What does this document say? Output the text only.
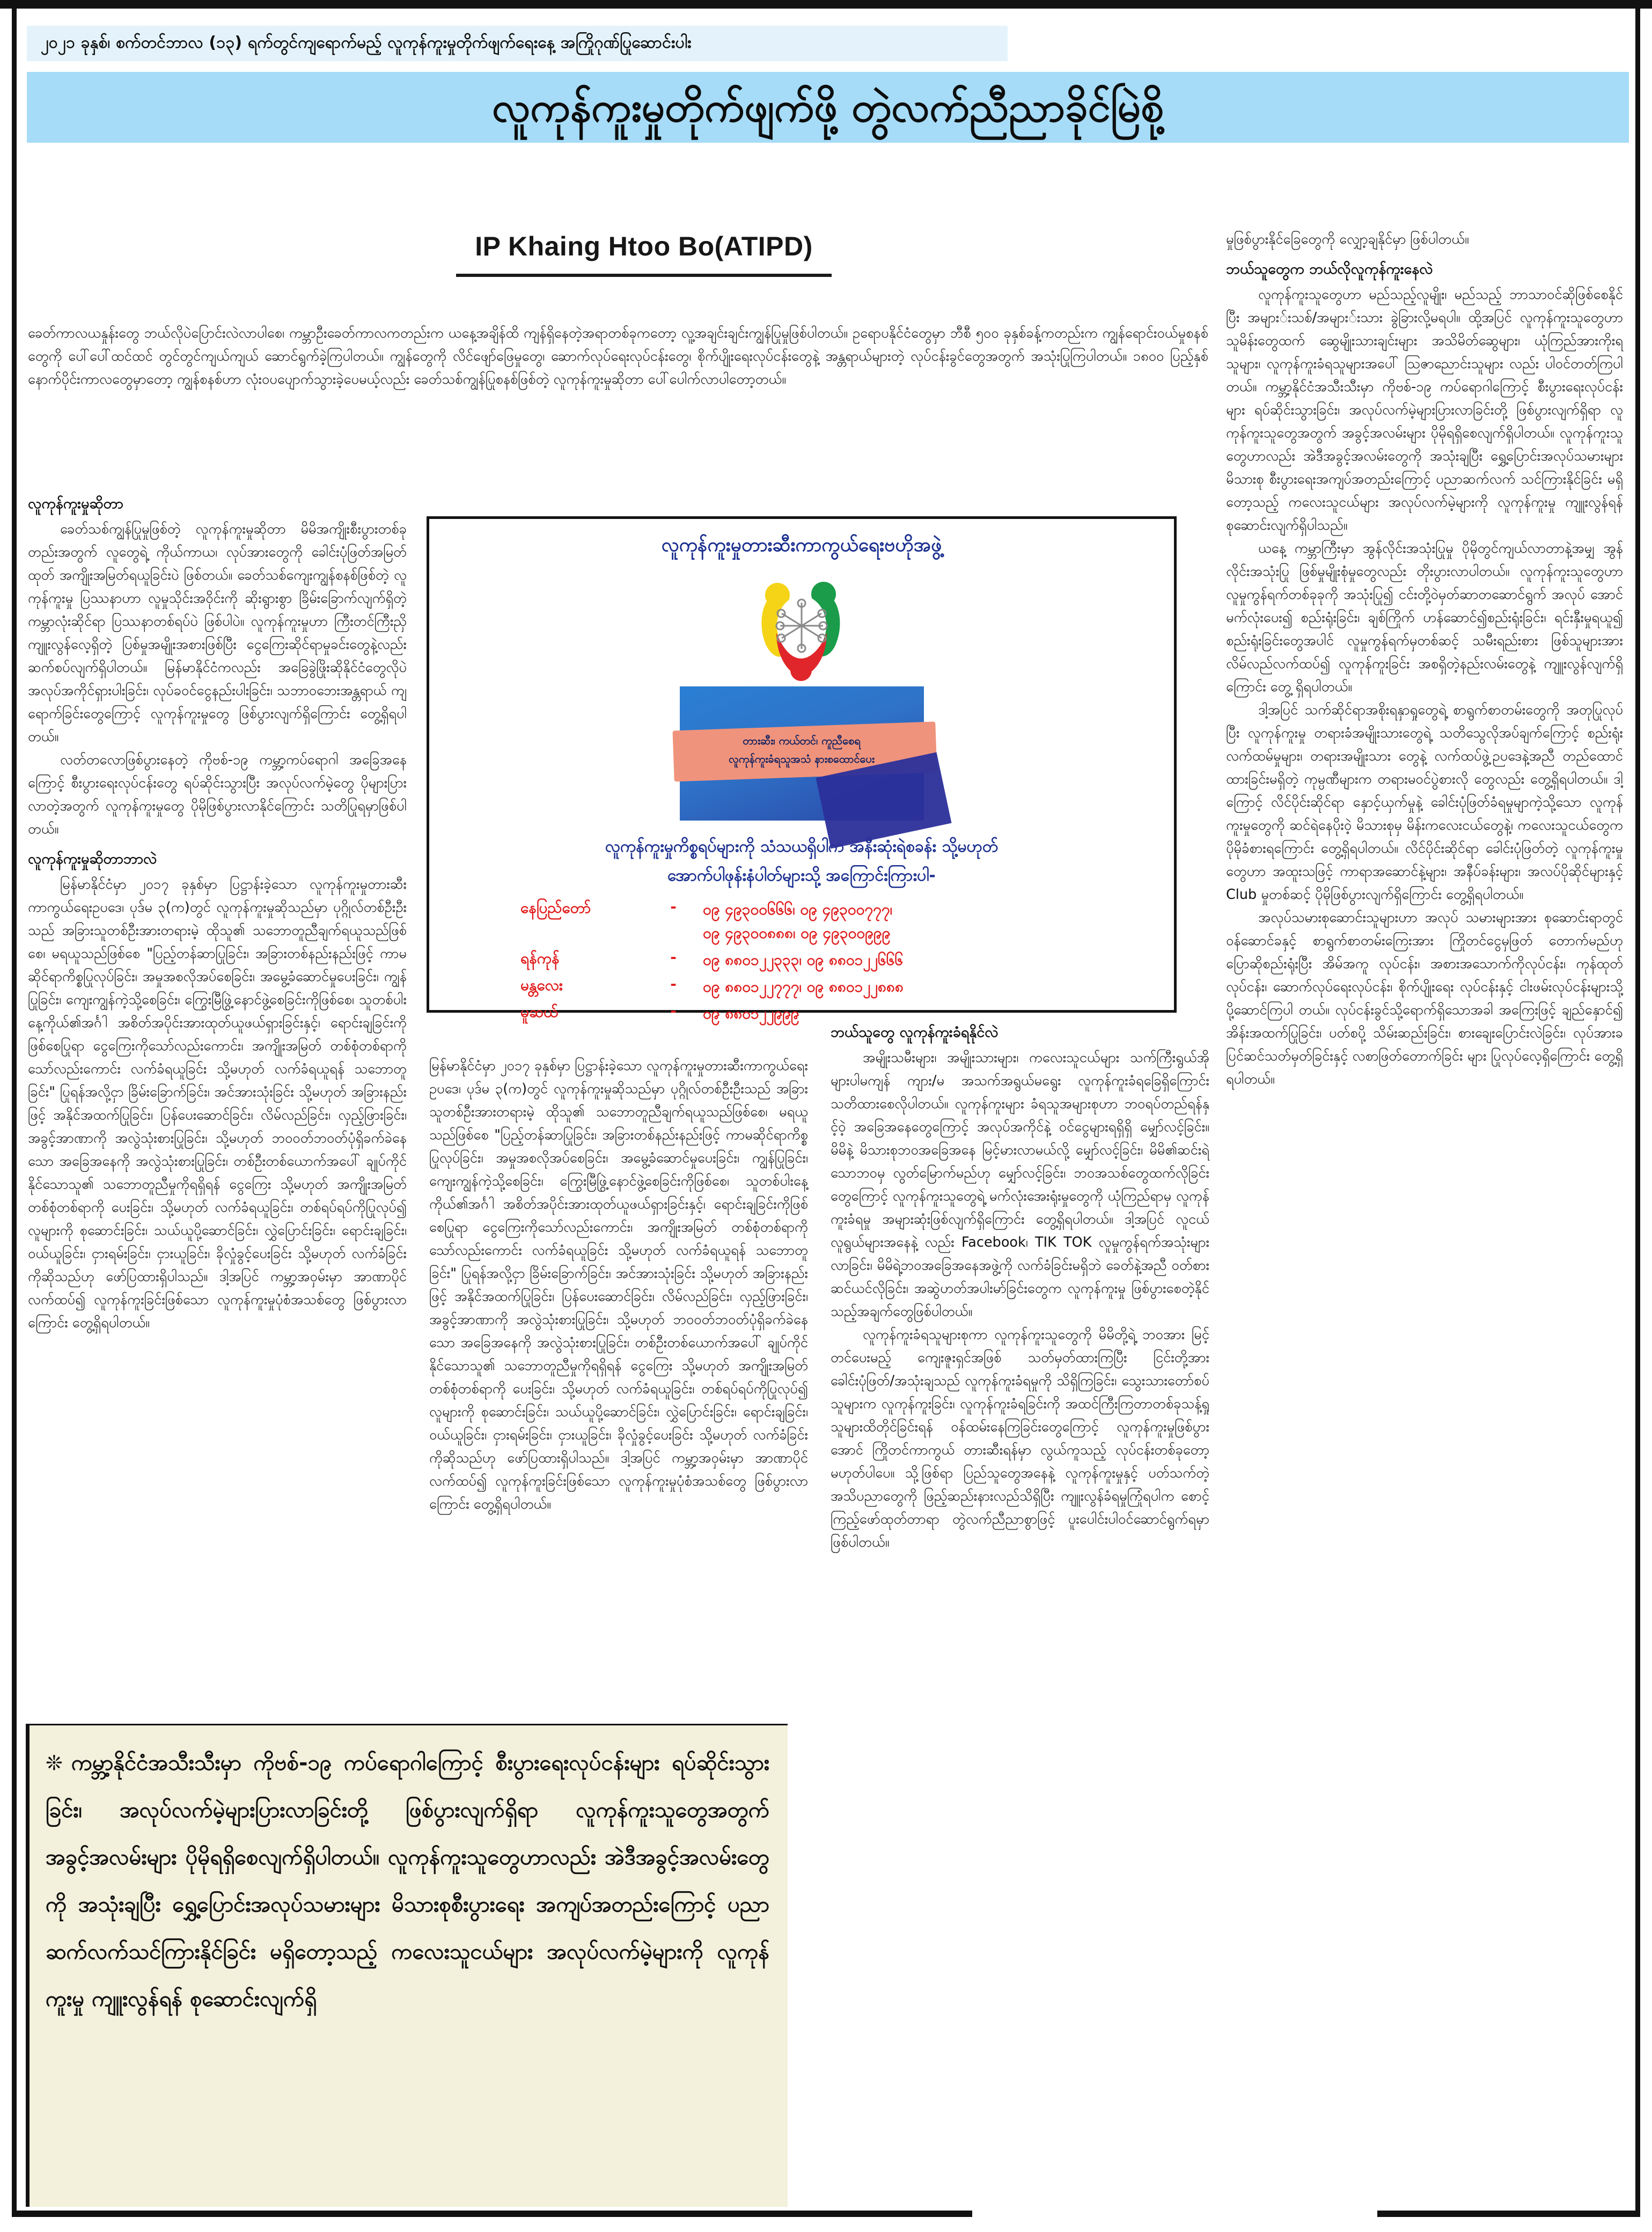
၂၀၂၁ ခုနှစ်၊ စက်တင်ဘာလ (၁၃) ရက်တွင်ကျရောက်မည့် လူကုန်ကူးမှုတိုက်ဖျက်ရေးနေ့ အကြိုဂုဏ်ပြုဆောင်းပါး
လူကုန်ကူးမှုတိုက်ဖျက်ဖို့ တွဲလက်ညီညာခိုင်မြဲစို့
IP Khaing Htoo Bo(ATIPD)

ခေတ်ကာလယနှုန်းတွေ ဘယ်လိုပဲပြောင်းလဲလာပါစေ၊ ကမ္ဘာဦးခေတ်ကာလကတည်းက ယနေ့အချိန်ထိ ကျန်ရှိနေတဲ့အရာတစ်ခုကတော့ လူ့အချင်းချင်းကျွန်ပြုမှုဖြစ်ပါတယ်။ ဥရောပနိုင်ငံတွေမှာ ဘီစီ ၅၀၀ ခုနှစ်ခန့်ကတည်းက ကျွန်ရောင်းဝယ်မှုစနစ်တွေကို ပေါ်ပေါ်ထင်ထင် တွင်တွင်ကျယ်ကျယ် ဆောင်ရွက်ခဲ့ကြပါတယ်။ ကျွန်တွေကို လိင်ဖျော်ဖြေမှုတွေ၊ ဆောက်လုပ်ရေးလုပ်ငန်းတွေ၊ စိုက်ပျိုးရေးလုပ်ငန်းတွေနဲ့ အန္တရာယ်များတဲ့ လုပ်ငန်းခွင်တွေအတွက် အသုံးပြုကြပါတယ်။ ၁၈၀၀ ပြည့်နှစ် နောက်ပိုင်းကာလတွေမှာတော့ ကျွန်စနစ်ဟာ လုံးဝပပျောက်သွားခဲ့ပေမယ့်လည်း ခေတ်သစ်ကျွန်ပြုစနစ်ဖြစ်တဲ့ လူကုန်ကူးမှုဆိုတာ ပေါ်ပေါက်လာပါတော့တယ်။

လူကုန်ကူးမှုဆိုတာ

ခေတ်သစ်ကျွန်ပြုမှုဖြစ်တဲ့ လူကုန်ကူးမှုဆိုတာ မိမိအကျိုးစီးပွားတစ်ခုတည်းအတွက် လူတွေရဲ့ ကိုယ်ကာယ၊ လုပ်အားတွေကို ခေါင်းပုံဖြတ်အမြတ်ထုတ် အကျိုးအမြတ်ရယူခြင်းပဲ ဖြစ်တယ်။ ခေတ်သစ်ကျေးကျွန်စနစ်ဖြစ်တဲ့ လူကုန်ကူးမှု ပြဿနာဟာ လူမှုသိုင်းအဝိုင်းကို ဆိုးရွားစွာ ခြိမ်းခြောက်လျက်ရှိတဲ့ ကမ္ဘာလုံးဆိုင်ရာ ပြဿနာတစ်ရပ်ပဲ ဖြစ်ပါပဲ။ လူကုန်ကူးမှုဟာ ကြီးတင်ကြီးညှိ ကျူးလွန်လေ့ရှိတဲ့ ပြစ်မှုအမျိုးအစားဖြစ်ပြီး ငွေကြေးဆိုင်ရာမှုခင်းတွေနဲ့လည်း ဆက်စပ်လျက်ရှိပါတယ်။ မြန်မာနိုင်ငံကလည်း အခြေခွဲဖြိုးဆိုနိုင်ငံတွေလိုပဲ အလုပ်အကိုင်ရှားပါးခြင်း၊ လုပ်ခဝင်ငွေနည်းပါးခြင်း၊ သဘာဝဘေးအန္တရာယ် ကျရောက်ခြင်းတွေကြောင့် လူကုန်ကူးမှုတွေ ဖြစ်ပွားလျက်ရှိကြောင်း တွေ့ရှိရပါတယ်။

လတ်တလောဖြစ်ပွားနေတဲ့ ကိုဗစ်-၁၉ ကမ္ဘာ့ကပ်ရောဂါ အခြေအနေကြောင့် စီးပွားရေးလုပ်ငန်းတွေ ရပ်ဆိုင်းသွားပြီး အလုပ်လက်မဲ့တွေ ပိုများပြားလာတဲ့အတွက် လူကုန်ကူးမှုတွေ ပိုမိုဖြစ်ပွားလာနိုင်ကြောင်း သတိပြုရမှာဖြစ်ပါတယ်။

လူကုန်ကူးမှုဆိုတာဘာလဲ

မြန်မာနိုင်ငံမှာ ၂၀၁၇ ခုနှစ်မှာ ပြဋ္ဌာန်းခဲ့သော လူကုန်ကူးမှုတားဆီးကာကွယ်ရေးဥပဒေ၊ ပုဒ်မ ၃(က)တွင် လူကုန်ကူးမှုဆိုသည်မှာ ပုဂ္ဂိုလ်တစ်ဦးဦးသည် အခြားသူတစ်ဦးအားတရားမဲ့ ထိုသူ၏ သဘောတူညီချက်ရယူသည်ဖြစ်စေ၊ မရယူသည်ဖြစ်စေ "ပြည့်တန်ဆာပြုခြင်း၊ အခြားတစ်နည်းနည်းဖြင့် ကာမဆိုင်ရာကိစ္စပြုလုပ်ခြင်း၊ အမှုအစလိုအပ်စေခြင်း၊ အမွေ့ခံဆောင်မှုပေးခြင်း၊ ကျွန်ပြုခြင်း၊ ကျေးကျွန်ကဲ့သို့စေခြင်း၊ ကြွေးမြီဖြွဲ့နောင်ဖွဲ့စေခြင်းကိုဖြစ်စေ၊ သူတစ်ပါးနေ့ကိုယ်၏အင်္ဂါ အစိတ်အပိုင်းအားထုတ်ယူဖယ်ရှားခြင်းနှင့်၊ ရောင်းချခြင်းကိုဖြစ်စေပြုရာ ငွေကြေးကိုသော်လည်းကောင်း၊ အကျိုးအမြတ် တစ်စုံတစ်ရာကို သော်လည်းကောင်း လက်ခံရယူခြင်း သို့မဟုတ် လက်ခံရယူရန် သဘောတူခြင်း" ပြုရန်အလို့ငှာ ခြိမ်းခြောက်ခြင်း၊ အင်အားသုံးခြင်း သို့မဟုတ် အခြားနည်းဖြင့် အနိုင်အထက်ပြုခြင်း၊ ပြန်ပေးဆောင်ခြင်း၊ လိမ်လည်ခြင်း၊ လှည့်ဖြားခြင်း၊ အခွင့်အာဏာကို အလွဲသုံးစားပြုခြင်း၊ သို့မဟုတ် ဘဝဝတ်ဘဝတ်ပုံရှိခက်ခဲနေသော အခြေအနေကို အလွဲသုံးစားပြုခြင်း၊ တစ်ဦးတစ်ယောက်အပေါ် ချုပ်ကိုင်နိုင်သောသူ၏ သဘောတူညီမှုကိုရရှိရန် ငွေကြေး သို့မဟုတ် အကျိုးအမြတ်တစ်စုံတစ်ရာကို ပေးခြင်း၊ သို့မဟုတ် လက်ခံရယူခြင်း၊ တစ်ရပ်ရပ်ကိုပြုလုပ်၍ လူများကို စုဆောင်းခြင်း၊ သယ်ယူပို့ဆောင်ခြင်း၊ လွှဲပြောင်းခြင်း၊ ရောင်းချခြင်း၊ ဝယ်ယူခြင်း၊ ငှားရမ်းခြင်း၊ ငှားယူခြင်း၊ ခိုလှုံခွင့်ပေးခြင်း သို့မဟုတ် လက်ခံခြင်းကိုဆိုသည်ဟု ဖော်ပြထားရှိပါသည်။ ဒါ့အပြင် ကမ္ဘာ့အဝှမ်းမှာ အာဏာပိုင်လက်ထပ်၍ လူကုန်ကူးခြင်းဖြစ်သော လူကုန်ကူးမှုပုံစံအသစ်တွေ ဖြစ်ပွားလာကြောင်း တွေ့ရှိရပါတယ်။

မြန်မာနိုင်ငံမှာ ၂၀၁၇ ခုနှစ်မှာ ပြဋ္ဌာန်းခဲ့သော လူကုန်ကူးမှုတားဆီးကာကွယ်ရေးဥပဒေ၊ ပုဒ်မ ၃(က)တွင် လူကုန်ကူးမှုဆိုသည်မှာ ပုဂ္ဂိုလ်တစ်ဦးဦးသည် အခြားသူတစ်ဦးအားတရားမဲ့ ထိုသူ၏ သဘောတူညီချက်ရယူသည်ဖြစ်စေ၊ မရယူသည်ဖြစ်စေ "ပြည့်တန်ဆာပြုခြင်း၊ အခြားတစ်နည်းနည်းဖြင့် ကာမဆိုင်ရာကိစ္စပြုလုပ်ခြင်း၊ အမှုအစလိုအပ်စေခြင်း၊ အမွေ့ခံဆောင်မှုပေးခြင်း၊ ကျွန်ပြုခြင်း၊ ကျေးကျွန်ကဲ့သို့စေခြင်း၊ ကြွေးမြီဖြွဲ့နောင်ဖွဲ့စေခြင်းကိုဖြစ်စေ၊ သူတစ်ပါးနေ့ကိုယ်၏အင်္ဂါ အစိတ်အပိုင်းအားထုတ်ယူဖယ်ရှားခြင်းနှင့်၊ ရောင်းချခြင်းကိုဖြစ်စေပြုရာ ငွေကြေးကိုသော်လည်းကောင်း၊ အကျိုးအမြတ် တစ်စုံတစ်ရာကို သော်လည်းကောင်း လက်ခံရယူခြင်း သို့မဟုတ် လက်ခံရယူရန် သဘောတူခြင်း" ပြုရန်အလို့ငှာ ခြိမ်းခြောက်ခြင်း၊ အင်အားသုံးခြင်း သို့မဟုတ် အခြားနည်းဖြင့် အနိုင်အထက်ပြုခြင်း၊ ပြန်ပေးဆောင်ခြင်း၊ လိမ်လည်ခြင်း၊ လှည့်ဖြားခြင်း၊ အခွင့်အာဏာကို အလွဲသုံးစားပြုခြင်း၊ သို့မဟုတ် ဘဝဝတ်ဘဝတ်ပုံရှိခက်ခဲနေသော အခြေအနေကို အလွဲသုံးစားပြုခြင်း၊ တစ်ဦးတစ်ယောက်အပေါ် ချုပ်ကိုင်နိုင်သောသူ၏ သဘောတူညီမှုကိုရရှိရန် ငွေကြေး သို့မဟုတ် အကျိုးအမြတ်တစ်စုံတစ်ရာကို ပေးခြင်း၊ သို့မဟုတ် လက်ခံရယူခြင်း၊ တစ်ရပ်ရပ်ကိုပြုလုပ်၍ လူများကို စုဆောင်းခြင်း၊ သယ်ယူပို့ဆောင်ခြင်း၊ လွှဲပြောင်းခြင်း၊ ရောင်းချခြင်း၊ ဝယ်ယူခြင်း၊ ငှားရမ်းခြင်း၊ ငှားယူခြင်း၊ ခိုလှုံခွင့်ပေးခြင်း သို့မဟုတ် လက်ခံခြင်းကိုဆိုသည်ဟု ဖော်ပြထားရှိပါသည်။ ဒါ့အပြင် ကမ္ဘာ့အဝှမ်းမှာ အာဏာပိုင်လက်ထပ်၍ လူကုန်ကူးခြင်းဖြစ်သော လူကုန်ကူးမှုပုံစံအသစ်တွေ ဖြစ်ပွားလာကြောင်း တွေ့ရှိရပါတယ်။

ဘယ်သူတွေ လူကုန်ကူးခံရနိုင်လဲ

အမျိုးသမီးများ၊ အမျိုးသားများ၊ ကလေးသူငယ်များ သက်ကြီးရွယ်အိုများပါမကျန် ကျား/မ အသက်အရွယ်မရွေး လူကုန်ကူးခံရခြေရှိကြောင်း သတိထားစေလိုပါတယ်။ လူကုန်ကူးများ ခံရသူအများစုဟာ ဘဝရပ်တည်ရန်နှင့်ဝဲ့ အခြေအနေတွေကြောင့် အလုပ်အကိုင်နဲ့ ဝင်ငွေများရရှိရှိ မျှော်လင့်ခြင်း။ မိမိနဲ့ မိသားစုဘဝအခြေအနေ မြင့်မားလာမယ်လို့ မျှော်လင့်ခြင်း၊ မိမိ၏ဆင်းရဲသောဘဝမှ လွတ်မြောက်မည်ဟု မျှော်လင့်ခြင်း၊ ဘဝအသစ်တွေထက်လိုခြင်းတွေကြောင့် လူကုန်ကူးသူတွေရဲ့ မက်လုံးအေးရုံးမှုတွေကို ယုံကြည်ရာမှ လူကုန်ကူးခံရမှု အများဆုံးဖြစ်လျက်ရှိကြောင်း တွေ့ရှိရပါတယ်။ ဒါ့အပြင် လူငယ်လူရွယ်များအနေနဲ့ လည်း Facebook၊ TIK TOK လူမှုကွန်ရက်အသုံးများလာခြင်း၊ မိမိရဲ့ဘဝအခြေအနေအဖွဲ့ကို လက်ခံခြင်းမရှိဘဲ ခေတ်နဲ့အညီ ဝတ်စားဆင်ယင်လိုခြင်း၊ အဆွဲဟတ်အပါးမာ်ခြင်းတွေက လူကုန်ကူးမှု ဖြစ်ပွားစေတဲ့နိုင်သည့်အချက်တွေဖြစ်ပါတယ်။

လူကုန်ကူးခံရသူများစုကာ လူကုန်ကူးသူတွေကို မိမိတို့ရဲ့ ဘဝအား မြင့်တင်ပေးမည့် ကျေးဇူးရှင်အဖြစ် သတ်မှတ်ထားကြပြီး ငြင်းတို့အား ခေါင်းပုံဖြတ်/အသုံးချသည် လူကုန်ကူးခံရမှုကို သိရှိကြခြင်း၊ သွေးသားတော်စပ်သူများက လူကုန်ကူးခြင်း၊ လူကုန်ကူးခံရခြင်းကို အထင်ကြီးကြတာတစ်ခုသန့်ရှုသူများထိတိုင်ခြင်းရန် ဝန်ထမ်းနေကြခြင်းတွေကြောင့် လူကုန်ကူးမှုဖြစ်ပွားအောင် ကြိုတင်ကာကွယ် တားဆီးရန်မှာ လွယ်ကူသည့် လုပ်ငန်းတစ်ခုတော့ မဟုတ်ပါပေ။ သို့ဖြစ်ရာ ပြည်သူတွေအနေနဲ့ လူကုန်ကူးမှုနှင့် ပတ်သက်တဲ့ အသိပညာတွေကို ဖြည့်ဆည်းနားလည်သိရှိပြီး ကျူးလွန်ခံရမှုကြုံရပါက စောင့်ကြည့်ဖော်ထုတ်တာရာ တွဲလက်ညီညာစွာဖြင့် ပူးပေါင်းပါဝင်ဆောင်ရွက်ရမှာဖြစ်ပါတယ်။

မှုဖြစ်ပွားနိုင်ခြေတွေကို လျှော့ချနိုင်မှာ ဖြစ်ပါတယ်။

ဘယ်သူတွေက ဘယ်လိုလူကုန်ကူးနေလဲ

လူကုန်ကူးသူတွေဟာ မည်သည့်လူမျိုး၊ မည်သည့် ဘာသာဝင်ဆိုဖြစ်စေနိုင်ပြီး အများ်းသစ်/အများ်းသား ခွဲခြားလို့မရပါ။ ထို့အပြင် လူကုန်ကူးသူတွေဟာ သူမိန်းတွေထက် ဆွေမျိုးသားချင်းများ အသိမိတ်ဆွေများ၊ ယုံကြည်အားကိုးရသူများ၊ လူကုန်ကူးခံရသူများအပေါ် ဩဇာညောင်းသူများ လည်း ပါဝင်တတ်ကြပါတယ်။ ကမ္ဘာ့နိုင်ငံအသီးသီးမှာ ကိုဗစ်-၁၉ ကပ်ရောဂါကြောင့် စီးပွားရေးလုပ်ငန်းများ ရပ်ဆိုင်းသွားခြင်း၊ အလုပ်လက်မဲ့များပြားလာခြင်းတို့ ဖြစ်ပွားလျက်ရှိရာ လူကုန်ကူးသူတွေအတွက် အခွင့်အလမ်းများ ပိုမိုရရှိစေလျက်ရှိပါတယ်။ လူကုန်ကူးသူတွေဟာလည်း အဲဒီအခွင့်အလမ်းတွေကို အသုံးချပြီး ရွှေ့ပြောင်းအလုပ်သမားများ မိသားစု စီးပွားရေးအကျပ်အတည်းကြောင့် ပညာဆက်လက် သင်ကြားနိုင်ခြင်း မရှိတော့သည့် ကလေးသူငယ်များ အလုပ်လက်မဲ့များကို လူကုန်ကူးမှု ကျူးလွန်ရန် စုဆောင်းလျက်ရှိပါသည်။

ယနေ့ ကမ္ဘာကြီးမှာ အွန်လိုင်းအသုံးပြုမှု ပိုမိုတွင်ကျယ်လာတာနဲ့အမျှ အွန်လိုင်းအသုံးပြု ဖြစ်မှုမျိုးစုံမှုတွေလည်း တိုးပွားလာပါတယ်။ လူကုန်ကူးသူတွေဟာ လူမှုကွန်ရက်တစ်ခုခုကို အသုံးပြု၍ ငင်းတို့ဝဲမှတ်ဆာတဆောင်ရွက် အလုပ် အောင်မက်လုံးပေး၍ စည်းရုံးခြင်း၊ ချစ်ကြိုက် ဟန်ဆောင်၍စည်းရုံးခြင်း၊ ရင်းနှီးမှုရယူ၍ စည်းရုံးခြင်းတွေအပါင် လူမှုကွန်ရက်မှတစ်ဆင့် သမီးရည်းစား ဖြစ်သူများအား လိမ်လည်လက်ထပ်၍ လူကုန်ကူးခြင်း အစရှိတဲ့နည်းလမ်းတွေနဲ့ ကျူးလွန်လျက်ရှိ ကြောင်း တွေ့ ရှိရပါတယ်။

ဒါ့အပြင် သက်ဆိုင်ရာအစိုးရနှာရှုတွေရဲ့ စာရွက်စာတမ်းတွေကို အတုပြုလုပ်ပြီး လူကုန်ကူးမှု တရားခံအမျိုးသားတွေရဲ့ သတိသွေလိုအပ်ချက်ကြောင့် စည်းရုံးလက်ထမ်မှုများ၊ တရားအမျိုးသား တွေနဲ့ လက်ထပ်ဖွဲ့ဉပဒေနဲ့အညီ တည်ထောင်ထားခြင်းမရှိတဲ့ ကုမ္ပဏီများက တရားမဝင်ပွဲစားလို တွေလည်း တွေ့ရှိရပါတယ်။ ဒါ့ကြောင့် လိင်ပိုင်းဆိုင်ရာ နှောင့်ယှက်မှုနဲ့ ခေါင်းပုံဖြတ်ခံရမှုမျာကဲ့သို့သော လူကုန်ကူးမှုတွေကို ဆင်ရဲနေပိုးဝဲ့ မိသားစုမှ မိန်းကလေးငယ်တွေနဲ့၊ ကလေးသူငယ်တွေက ပိုမိုခံစားရကြောင်း တွေ့ရှိရပါတယ်။ လိင်ပိုင်းဆိုင်ရာ ခေါင်းပုံဖြတ်တဲ့ လူကုန်ကူးမှုတွေဟာ အထူးသဖြင့် ကာရာအဆောင်နဲ့များ၊ အနီပ်ခန်းများ၊ အလပ်ပိုဆိုင်များနှင့် Club မှုတစ်ဆင့် ပိုမိုဖြစ်ပွားလျက်ရှိကြောင်း တွေ့ရှိရပါတယ်။

အလုပ်သမားစုဆောင်းသူများဟာ အလုပ် သမားများအား စုဆောင်းရာတွင် ဝန်ဆောင်ခနှင့် စာရွက်စာတမ်းကြေးအား ကြိုတင်ငွေမှဖြတ် တောက်မည်ဟု ပြောဆိုစည်းရုံးပြီး အိမ်အကူ လုပ်ငန်း၊ အစားအသောက်ကိုလုပ်ငန်း၊ ကုန်ထုတ် လုပ်ငန်း၊ ဆောက်လုပ်ရေးလုပ်ငန်း၊ စိုက်ပျိုးရေး လုပ်ငန်းနှင့် ငါးဖမ်းလုပ်ငန်းများသို့ ပို့ဆောင်ကြပါ တယ်။ လုပ်ငန်းခွင်သို့ရောက်ရှိသောအခါ အကြေးဖြင့် ချည်နှောင်၍ အိန်းအထက်ပြုခြင်း၊ ပတ်စပို့ သိမ်းဆည်းခြင်း၊ စားချေးပြောင်းလဲခြင်း၊ လုပ်အားခ ပြင်ဆင်သတ်မှတ်ခြင်းနှင့် လစာဖြတ်တောက်ခြင်း များ ပြုလုပ်လေ့ရှိကြောင်း တွေ့ရှိရပါတယ်။

လူကုန်ကူးမှုတားဆီးကာကွယ်ရေးဗဟိုအဖွဲ့
တားဆီး၊ ကယ်တင်၊ ကူညီစေရ
လူကုန်ကူးခံရသူအသံ နားစထောင်ပေး
လူကုန်ကူးမှုကိစ္စရပ်များကို သံသယရှိပါက အနီးဆုံးရဲစခန်း သို့မဟုတ်
အောက်ပါဖုန်းနံပါတ်များသို့ အကြောင်းကြားပါ-
နေပြည်တော်	-	၀၉ ၄၉၃၀၀၆၆၆၊ ၀၉ ၄၉၃၀၀၇၇၇၊
၀၉ ၄၉၃၀၀၈၈၈၊ ၀၉ ၄၉၃၀၀၉၉၉
ရန်ကုန်	-	၀၉ ၈၈၀၁၂၂၃၃၃၊ ၀၉ ၈၈၀၁၂၂၆၆၆
မန္တလေး	-	၀၉ ၈၈၀၁၂၂၇၇၇၊ ၀၉ ၈၈၀၁၂၂၈၈၈
မူဆယ်	-	၀၉ ၈၈၀၁၂၂၉၉၉
❊ ကမ္ဘာ့နိုင်ငံအသီးသီးမှာ ကိုဗစ်-၁၉ ကပ်ရောဂါကြောင့် စီးပွားရေးလုပ်ငန်းများ ရပ်ဆိုင်းသွားခြင်း၊ အလုပ်လက်မဲ့များပြားလာခြင်းတို့ ဖြစ်ပွားလျက်ရှိရာ လူကုန်ကူးသူတွေအတွက် အခွင့်အလမ်းများ ပိုမိုရရှိစေလျက်ရှိပါတယ်။ လူကုန်ကူးသူတွေဟာလည်း အဲဒီအခွင့်အလမ်းတွေကို အသုံးချပြီး ရွှေ့ပြောင်းအလုပ်သမားများ မိသားစုစီးပွားရေး အကျပ်အတည်းကြောင့် ပညာဆက်လက်သင်ကြားနိုင်ခြင်း မရှိတော့သည့် ကလေးသူငယ်များ အလုပ်လက်မဲ့များကို လူကုန်ကူးမှု ကျူးလွန်ရန် စုဆောင်းလျက်ရှိ
